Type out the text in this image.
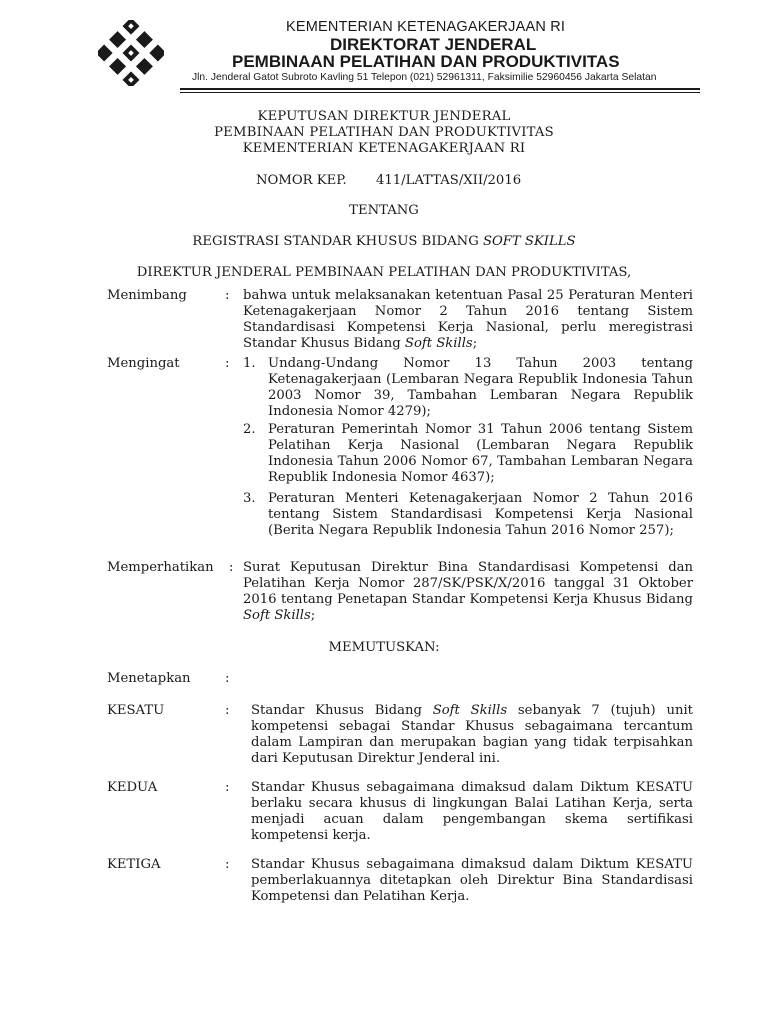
KEMENTERIAN KETENAGAKERJAAN RI
DIREKTORAT JENDERAL
PEMBINAAN PELATIHAN DAN PRODUKTIVITAS
Jln. Jenderal Gatot Subroto Kavling 51 Telepon (021) 52961311, Faksimilie 52960456 Jakarta Selatan
KEPUTUSAN DIREKTUR JENDERAL
PEMBINAAN PELATIHAN DAN PRODUKTIVITAS
KEMENTERIAN KETENAGAKERJAAN RI
NOMOR KEP. 411/LATTAS/XII/2016
TENTANG
REGISTRASI STANDAR KHUSUS BIDANG SOFT SKILLS
DIREKTUR JENDERAL PEMBINAAN PELATIHAN DAN PRODUKTIVITAS,
Menimbang	: bahwa untuk melaksanakan ketentuan Pasal 25 Peraturan Menteri Ketenagakerjaan Nomor 2 Tahun 2016 tentang Sistem Standardisasi Kompetensi Kerja Nasional, perlu meregistrasi Standar Khusus Bidang Soft Skills;
Mengingat	: 1. Undang-Undang Nomor 13 Tahun 2003 tentang Ketenagakerjaan (Lembaran Negara Republik Indonesia Tahun 2003 Nomor 39, Tambahan Lembaran Negara Republik Indonesia Nomor 4279);
2. Peraturan Pemerintah Nomor 31 Tahun 2006 tentang Sistem Pelatihan Kerja Nasional (Lembaran Negara Republik Indonesia Tahun 2006 Nomor 67, Tambahan Lembaran Negara Republik Indonesia Nomor 4637);
3. Peraturan Menteri Ketenagakerjaan Nomor 2 Tahun 2016 tentang Sistem Standardisasi Kompetensi Kerja Nasional (Berita Negara Republik Indonesia Tahun 2016 Nomor 257);
Memperhatikan : Surat Keputusan Direktur Bina Standardisasi Kompetensi dan Pelatihan Kerja Nomor 287/SK/PSK/X/2016 tanggal 31 Oktober 2016 tentang Penetapan Standar Kompetensi Kerja Khusus Bidang Soft Skills;
MEMUTUSKAN:
Menetapkan	:
KESATU	: Standar Khusus Bidang Soft Skills sebanyak 7 (tujuh) unit kompetensi sebagai Standar Khusus sebagaimana tercantum dalam Lampiran dan merupakan bagian yang tidak terpisahkan dari Keputusan Direktur Jenderal ini.
KEDUA	: Standar Khusus sebagaimana dimaksud dalam Diktum KESATU berlaku secara khusus di lingkungan Balai Latihan Kerja, serta menjadi acuan dalam pengembangan skema sertifikasi kompetensi kerja.
KETIGA	: Standar Khusus sebagaimana dimaksud dalam Diktum KESATU pemberlakuannya ditetapkan oleh Direktur Bina Standardisasi Kompetensi dan Pelatihan Kerja.
